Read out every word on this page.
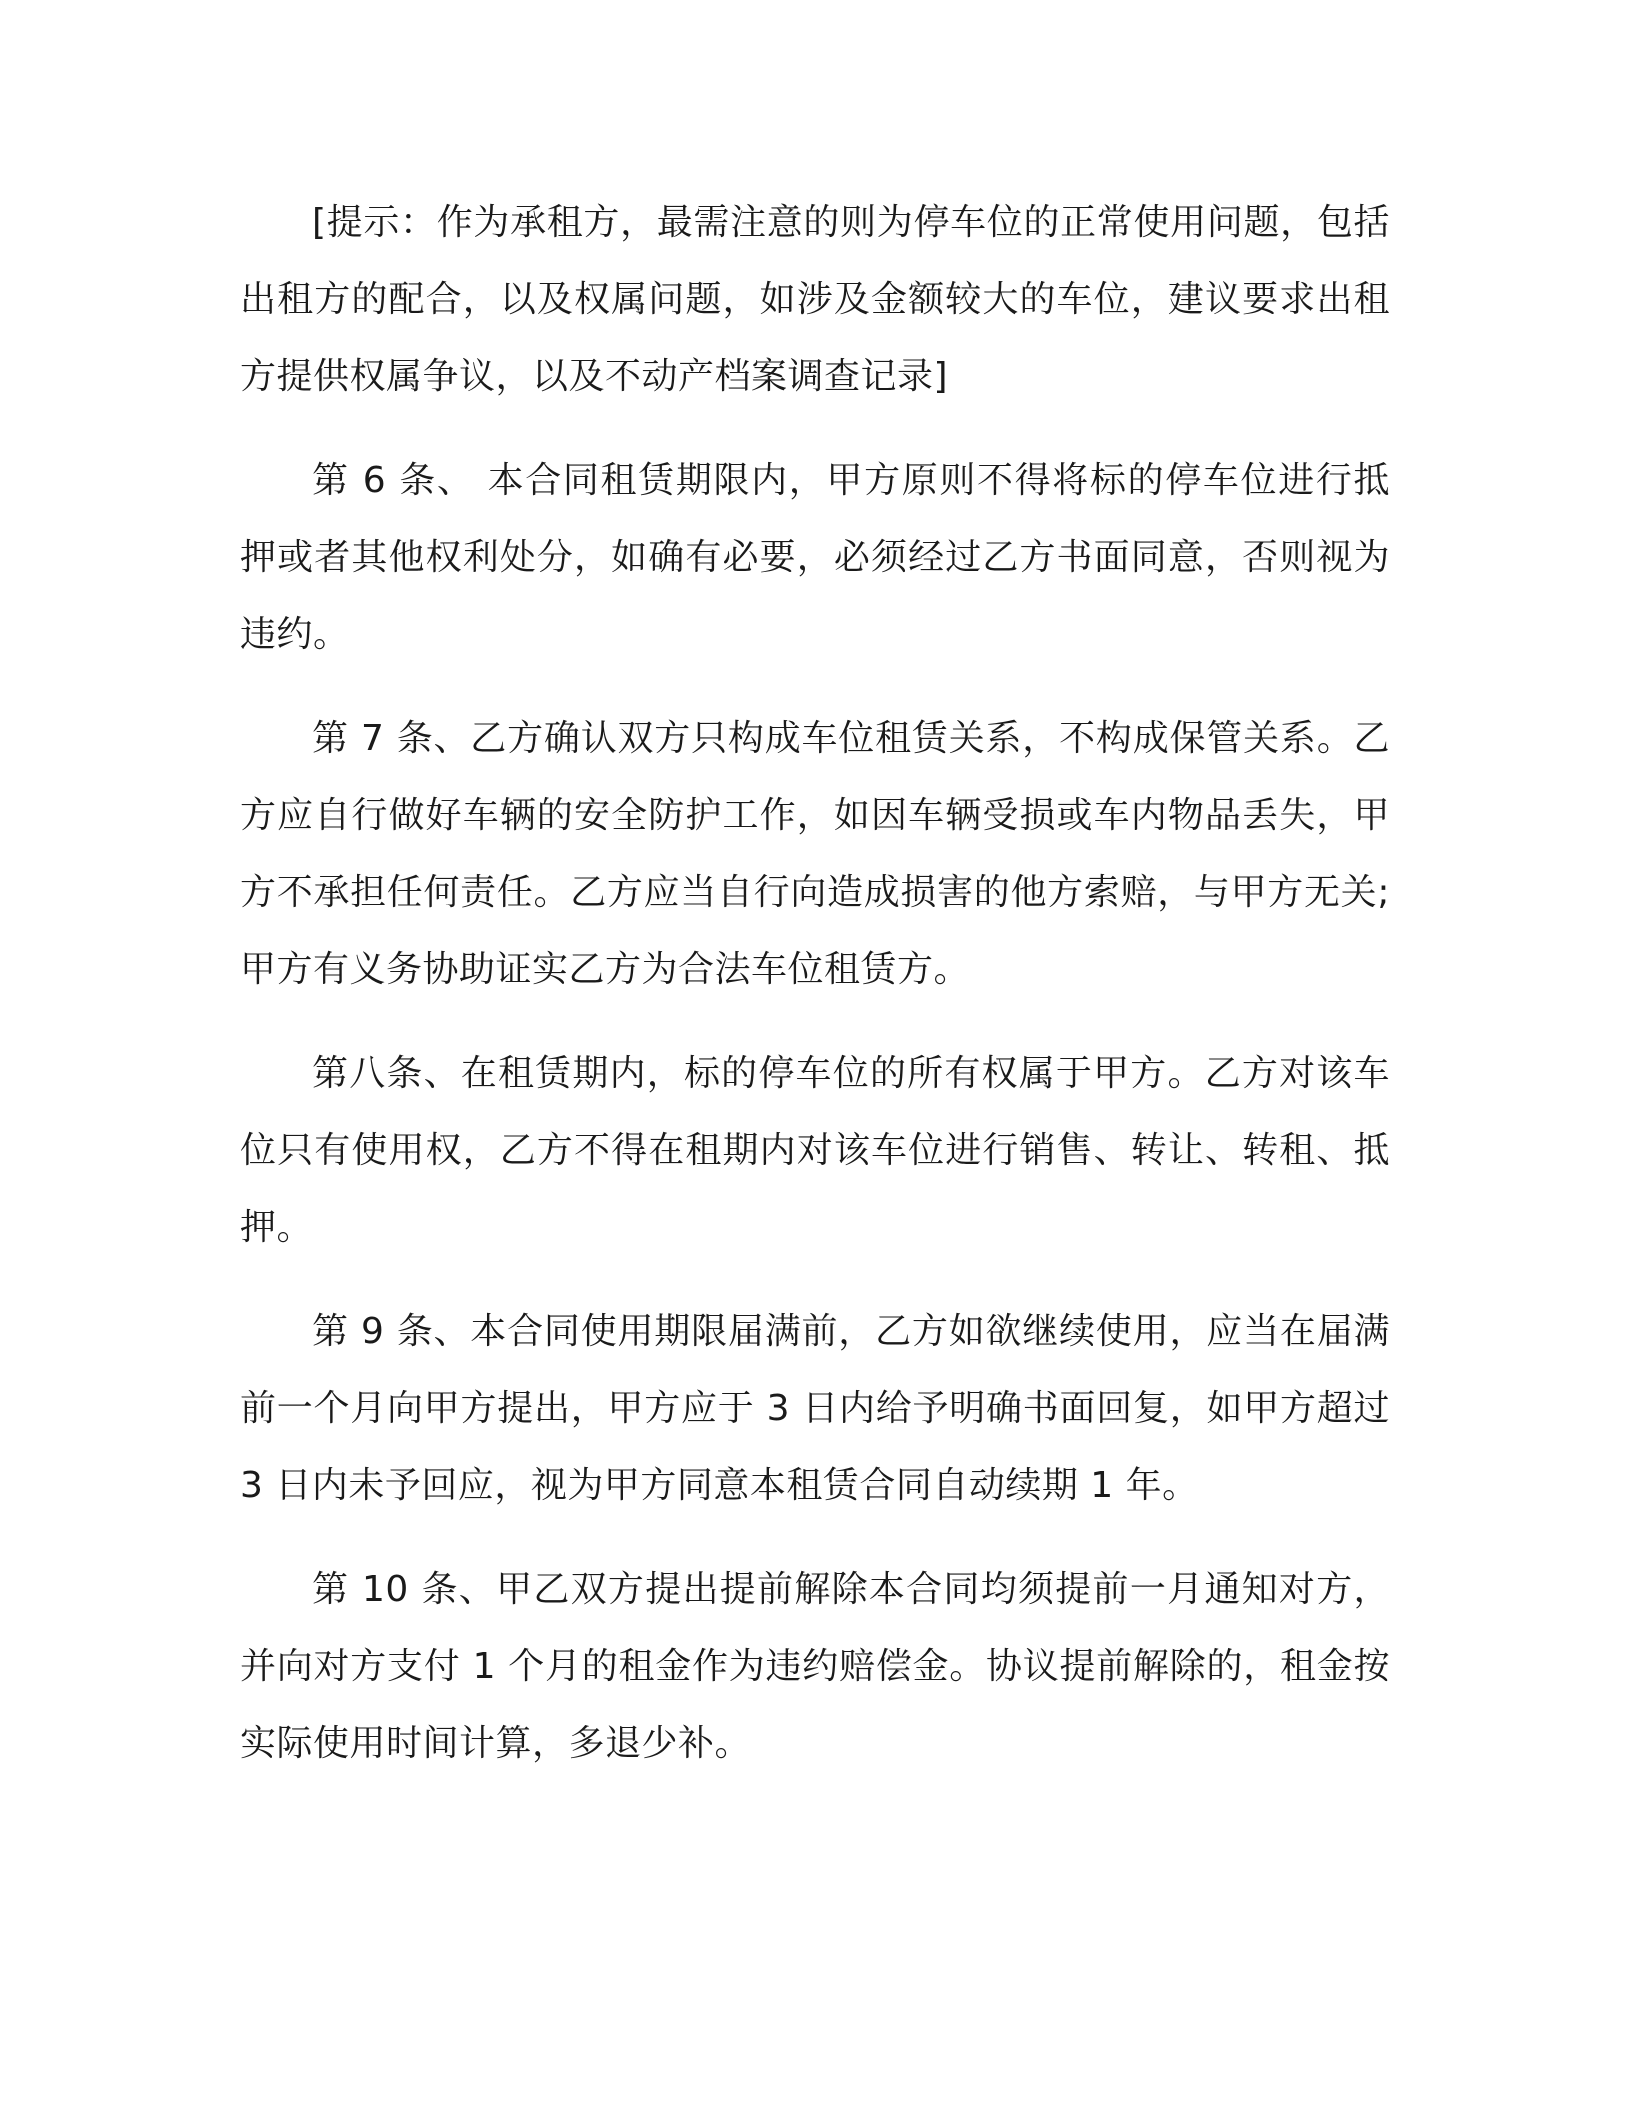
[提示：作为承租方，最需注意的则为停车位的正常使用问题，包括出租方的配合，以及权属问题，如涉及金额较大的车位，建议要求出租方提供权属争议，以及不动产档案调查记录]

第 6 条、 本合同租赁期限内，甲方原则不得将标的停车位进行抵押或者其他权利处分，如确有必要，必须经过乙方书面同意，否则视为违约。

第 7 条、乙方确认双方只构成车位租赁关系，不构成保管关系。乙方应自行做好车辆的安全防护工作，如因车辆受损或车内物品丢失，甲方不承担任何责任。乙方应当自行向造成损害的他方索赔，与甲方无关;甲方有义务协助证实乙方为合法车位租赁方。

第八条、在租赁期内，标的停车位的所有权属于甲方。乙方对该车位只有使用权，乙方不得在租期内对该车位进行销售、转让、转租、抵押。

第 9 条、本合同使用期限届满前，乙方如欲继续使用，应当在届满前一个月向甲方提出，甲方应于 3 日内给予明确书面回复，如甲方超过 3 日内未予回应，视为甲方同意本租赁合同自动续期 1 年。

第 10 条、甲乙双方提出提前解除本合同均须提前一月通知对方，并向对方支付 1 个月的租金作为违约赔偿金。协议提前解除的，租金按实际使用时间计算，多退少补。
